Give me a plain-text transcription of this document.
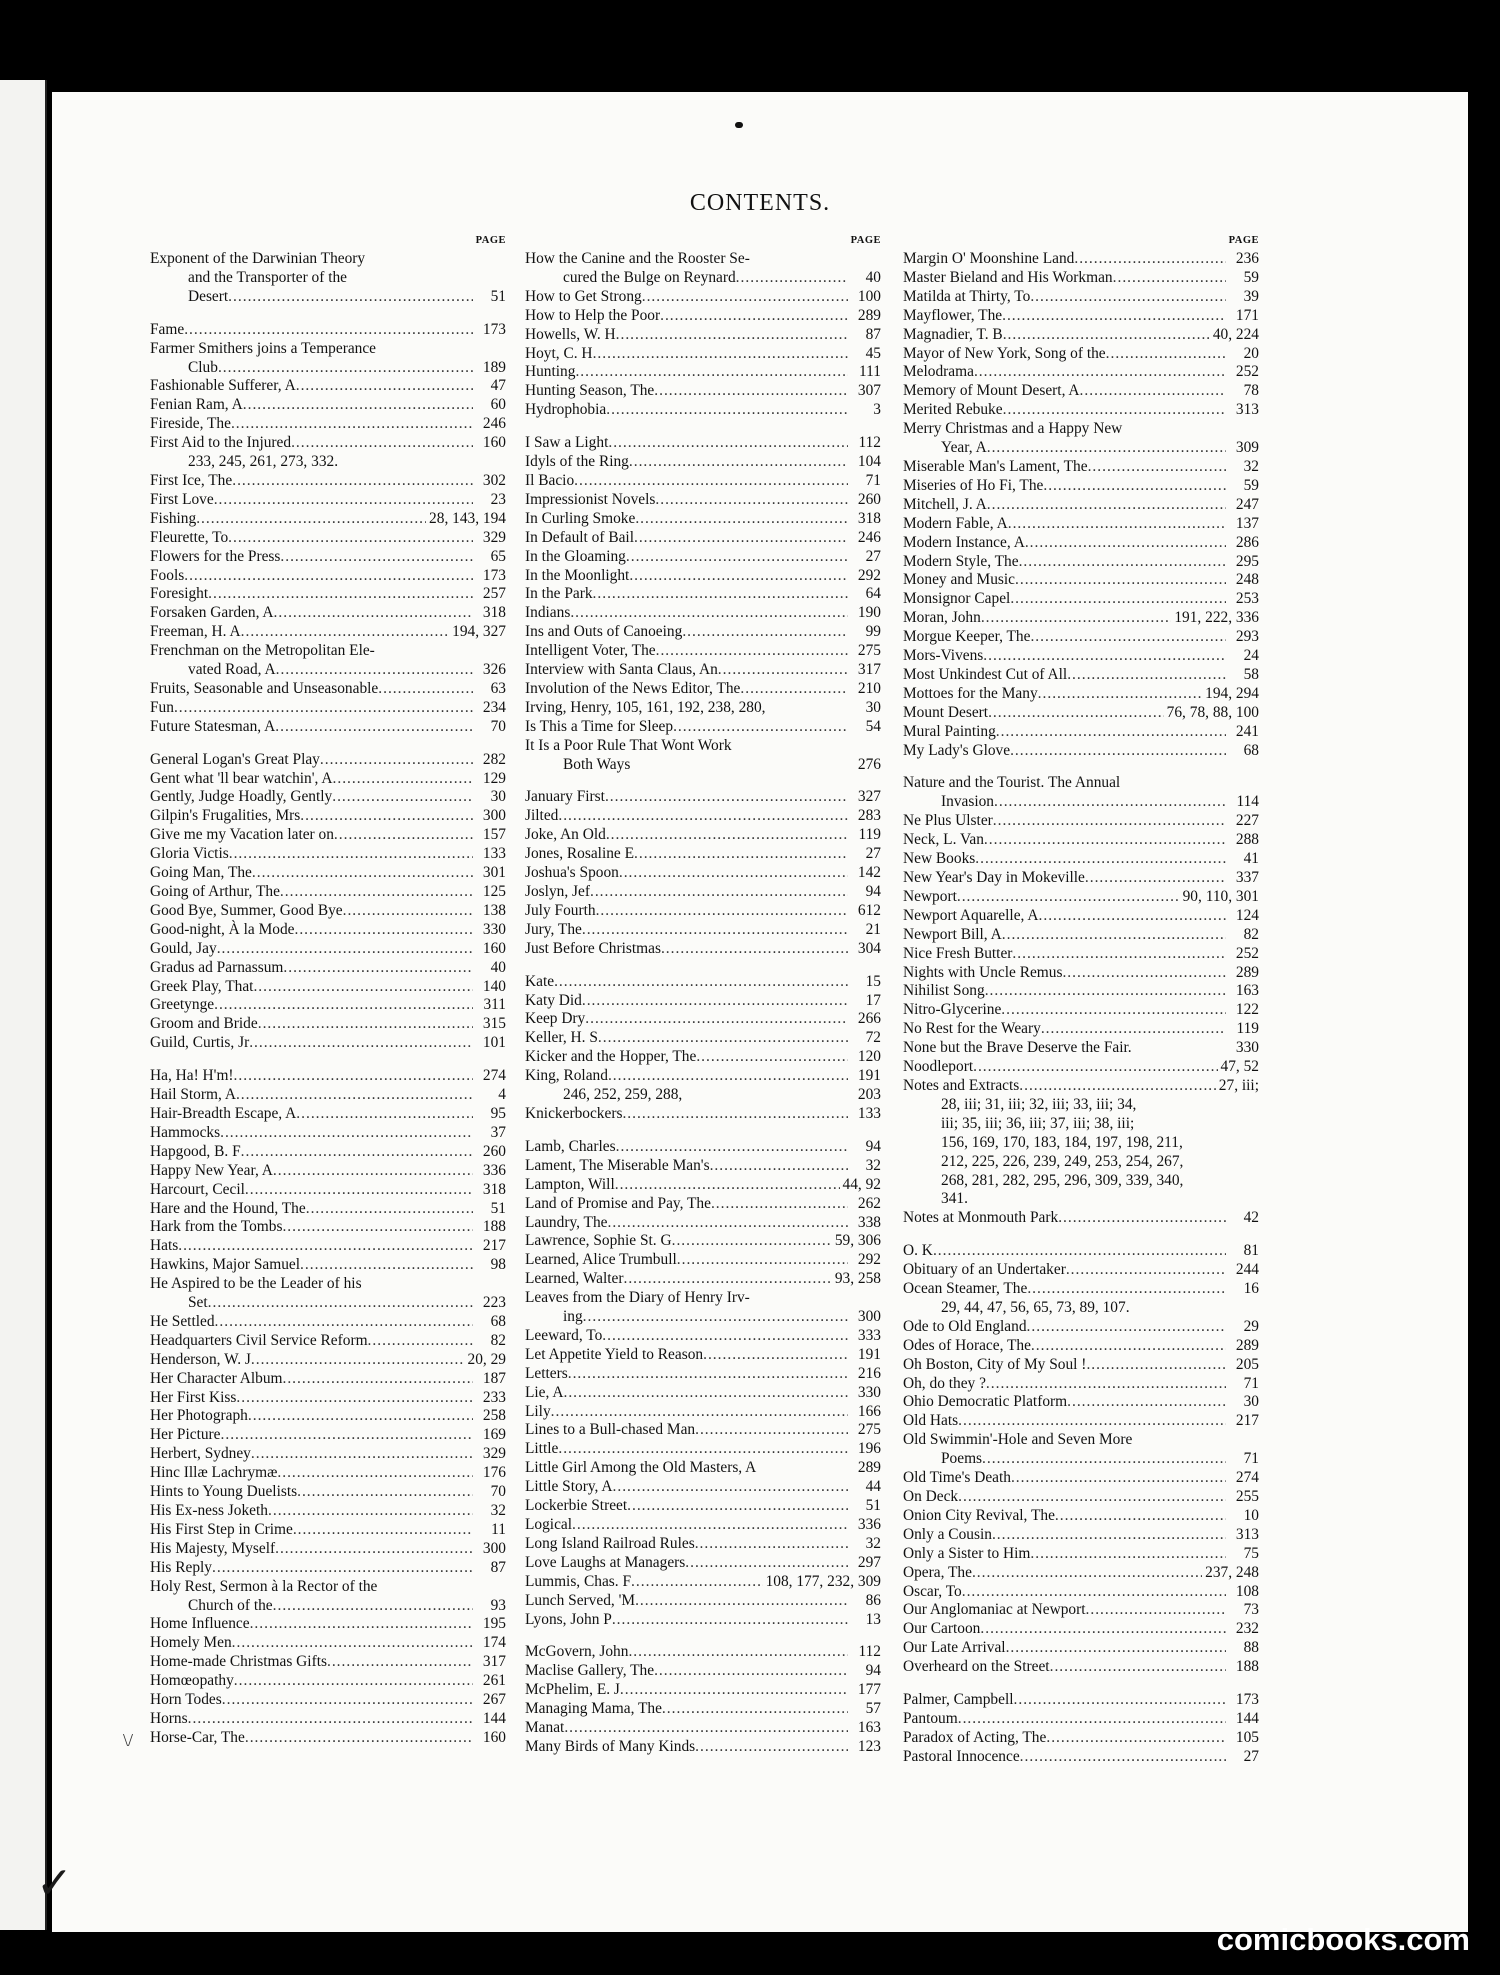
CONTENTS.
PAGE
Exponent of the Darwinian Theory
and the Transporter of the
Desert .....	51
Fame .....	173
Farmer Smithers joins a Temperance
Club .....	189
Fashionable Sufferer, A .....	47
Fenian Ram, A .....	60
Fireside, The .....	246
First Aid to the Injured .....	160
233, 245, 261, 273, 332.
First Ice, The .....	302
First Love .....	23
Fishing .....	28, 143, 194
Fleurette, To .....	329
Flowers for the Press .....	65
Fools .....	173
Foresight .....	257
Forsaken Garden, A .....	318
Freeman, H. A .....	194, 327
Frenchman on the Metropolitan Ele-
vated Road, A .....	326
Fruits, Seasonable and Unseasonable .....	63
Fun .....	234
Future Statesman, A .....	70
General Logan's Great Play .....	282
Gent what 'll bear watchin', A .....	129
Gently, Judge Hoadly, Gently .....	30
Gilpin's Frugalities, Mrs .....	300
Give me my Vacation later on .....	157
Gloria Victis .....	133
Going Man, The .....	301
Going of Arthur, The .....	125
Good Bye, Summer, Good Bye .....	138
Good-night, À la Mode .....	330
Gould, Jay .....	160
Gradus ad Parnassum .....	40
Greek Play, That .....	140
Greetynge .....	311
Groom and Bride .....	315
Guild, Curtis, Jr .....	101
Ha, Ha! H'm! .....	274
Hail Storm, A .....	4
Hair-Breadth Escape, A .....	95
Hammocks .....	37
Hapgood, B. F .....	260
Happy New Year, A .....	336
Harcourt, Cecil .....	318
Hare and the Hound, The .....	51
Hark from the Tombs .....	188
Hats .....	217
Hawkins, Major Samuel .....	98
He Aspired to be the Leader of his
Set .....	223
He Settled .....	68
Headquarters Civil Service Reform .....	82
Henderson, W. J .....	20, 29
Her Character Album .....	187
Her First Kiss .....	233
Her Photograph .....	258
Her Picture .....	169
Herbert, Sydney .....	329
Hinc Illæ Lachrymæ .....	176
Hints to Young Duelists .....	70
His Ex-ness Joketh .....	32
His First Step in Crime .....	11
His Majesty, Myself .....	300
His Reply .....	87
Holy Rest, Sermon à la Rector of the
Church of the .....	93
Home Influence .....	195
Homely Men .....	174
Home-made Christmas Gifts .....	317
Homœopathy .....	261
Horn Todes .....	267
Horns .....	144
Horse-Car, The .....	160
PAGE
How the Canine and the Rooster Se-
cured the Bulge on Reynard .....	40
How to Get Strong .....	100
How to Help the Poor .....	289
Howells, W. H .....	87
Hoyt, C. H .....	45
Hunting .....	111
Hunting Season, The .....	307
Hydrophobia .....	3
I Saw a Light .....	112
Idyls of the Ring .....	104
Il Bacio .....	71
Impressionist Novels .....	260
In Curling Smoke .....	318
In Default of Bail .....	246
In the Gloaming .....	27
In the Moonlight .....	292
In the Park .....	64
Indians .....	190
Ins and Outs of Canoeing .....	99
Intelligent Voter, The .....	275
Interview with Santa Claus, An .....	317
Involution of the News Editor, The .....	210
Irving, Henry, 105, 161, 192, 238, 280,	30
Is This a Time for Sleep .....	54
It Is a Poor Rule That Wont Work
Both Ways	276
January First .....	327
Jilted .....	283
Joke, An Old .....	119
Jones, Rosaline E .....	27
Joshua's Spoon .....	142
Joslyn, Jef .....	94
July Fourth .....	612
Jury, The .....	21
Just Before Christmas .....	304
Kate .....	15
Katy Did .....	17
Keep Dry .....	266
Keller, H. S .....	72
Kicker and the Hopper, The .....	120
King, Roland .....	191
246, 252, 259, 288,	203
Knickerbockers .....	133
Lamb, Charles .....	94
Lament, The Miserable Man's .....	32
Lampton, Will .....	44, 92
Land of Promise and Pay, The .....	262
Laundry, The .....	338
Lawrence, Sophie St. G .....	59, 306
Learned, Alice Trumbull .....	292
Learned, Walter .....	93, 258
Leaves from the Diary of Henry Irv-
ing .....	300
Leeward, To .....	333
Let Appetite Yield to Reason .....	191
Letters .....	216
Lie, A .....	330
Lily .....	166
Lines to a Bull-chased Man .....	275
Little .....	196
Little Girl Among the Old Masters, A	289
Little Story, A .....	44
Lockerbie Street .....	51
Logical .....	336
Long Island Railroad Rules .....	32
Love Laughs at Managers .....	297
Lummis, Chas. F .....	108, 177, 232, 309
Lunch Served, 'M .....	86
Lyons, John P .....	13
McGovern, John .....	112
Maclise Gallery, The .....	94
McPhelim, E. J .....	177
Managing Mama, The .....	57
Manat .....	163
Many Birds of Many Kinds .....	123
PAGE
Margin O' Moonshine Land .....	236
Master Bieland and His Workman .....	59
Matilda at Thirty, To .....	39
Mayflower, The .....	171
Magnadier, T. B .....	40, 224
Mayor of New York, Song of the .....	20
Melodrama .....	252
Memory of Mount Desert, A .....	78
Merited Rebuke .....	313
Merry Christmas and a Happy New
Year, A .....	309
Miserable Man's Lament, The .....	32
Miseries of Ho Fi, The .....	59
Mitchell, J. A .....	247
Modern Fable, A .....	137
Modern Instance, A .....	286
Modern Style, The .....	295
Money and Music .....	248
Monsignor Capel .....	253
Moran, John .....	191, 222, 336
Morgue Keeper, The .....	293
Mors-Vivens .....	24
Most Unkindest Cut of All .....	58
Mottoes for the Many .....	194, 294
Mount Desert .....	76, 78, 88, 100
Mural Painting .....	241
My Lady's Glove .....	68
Nature and the Tourist. The Annual
Invasion .....	114
Ne Plus Ulster .....	227
Neck, L. Van .....	288
New Books .....	41
New Year's Day in Mokeville .....	337
Newport .....	90, 110, 301
Newport Aquarelle, A .....	124
Newport Bill, A .....	82
Nice Fresh Butter .....	252
Nights with Uncle Remus .....	289
Nihilist Song .....	163
Nitro-Glycerine .....	122
No Rest for the Weary .....	119
None but the Brave Deserve the Fair.	330
Noodleport .....	47, 52
Notes and Extracts .....	27, iii;
28, iii; 31, iii; 32, iii; 33, iii; 34,
iii; 35, iii; 36, iii; 37, iii; 38, iii;
156, 169, 170, 183, 184, 197, 198, 211,
212, 225, 226, 239, 249, 253, 254, 267,
268, 281, 282, 295, 296, 309, 339, 340,
341.
Notes at Monmouth Park .....	42
O. K .....	81
Obituary of an Undertaker .....	244
Ocean Steamer, The .....	16
29, 44, 47, 56, 65, 73, 89, 107.
Ode to Old England .....	29
Odes of Horace, The .....	289
Oh Boston, City of My Soul ! .....	205
Oh, do they ? .....	71
Ohio Democratic Platform .....	30
Old Hats .....	217
Old Swimmin'-Hole and Seven More
Poems .....	71
Old Time's Death .....	274
On Deck .....	255
Onion City Revival, The .....	10
Only a Cousin .....	313
Only a Sister to Him .....	75
Opera, The .....	237, 248
Oscar, To .....	108
Our Anglomaniac at Newport .....	73
Our Cartoon .....	232
Our Late Arrival .....	88
Overheard on the Street .....	188
Palmer, Campbell .....	173
Pantoum .....	144
Paradox of Acting, The .....	105
Pastoral Innocence .....	27
\/
✓
comicbooks.com
